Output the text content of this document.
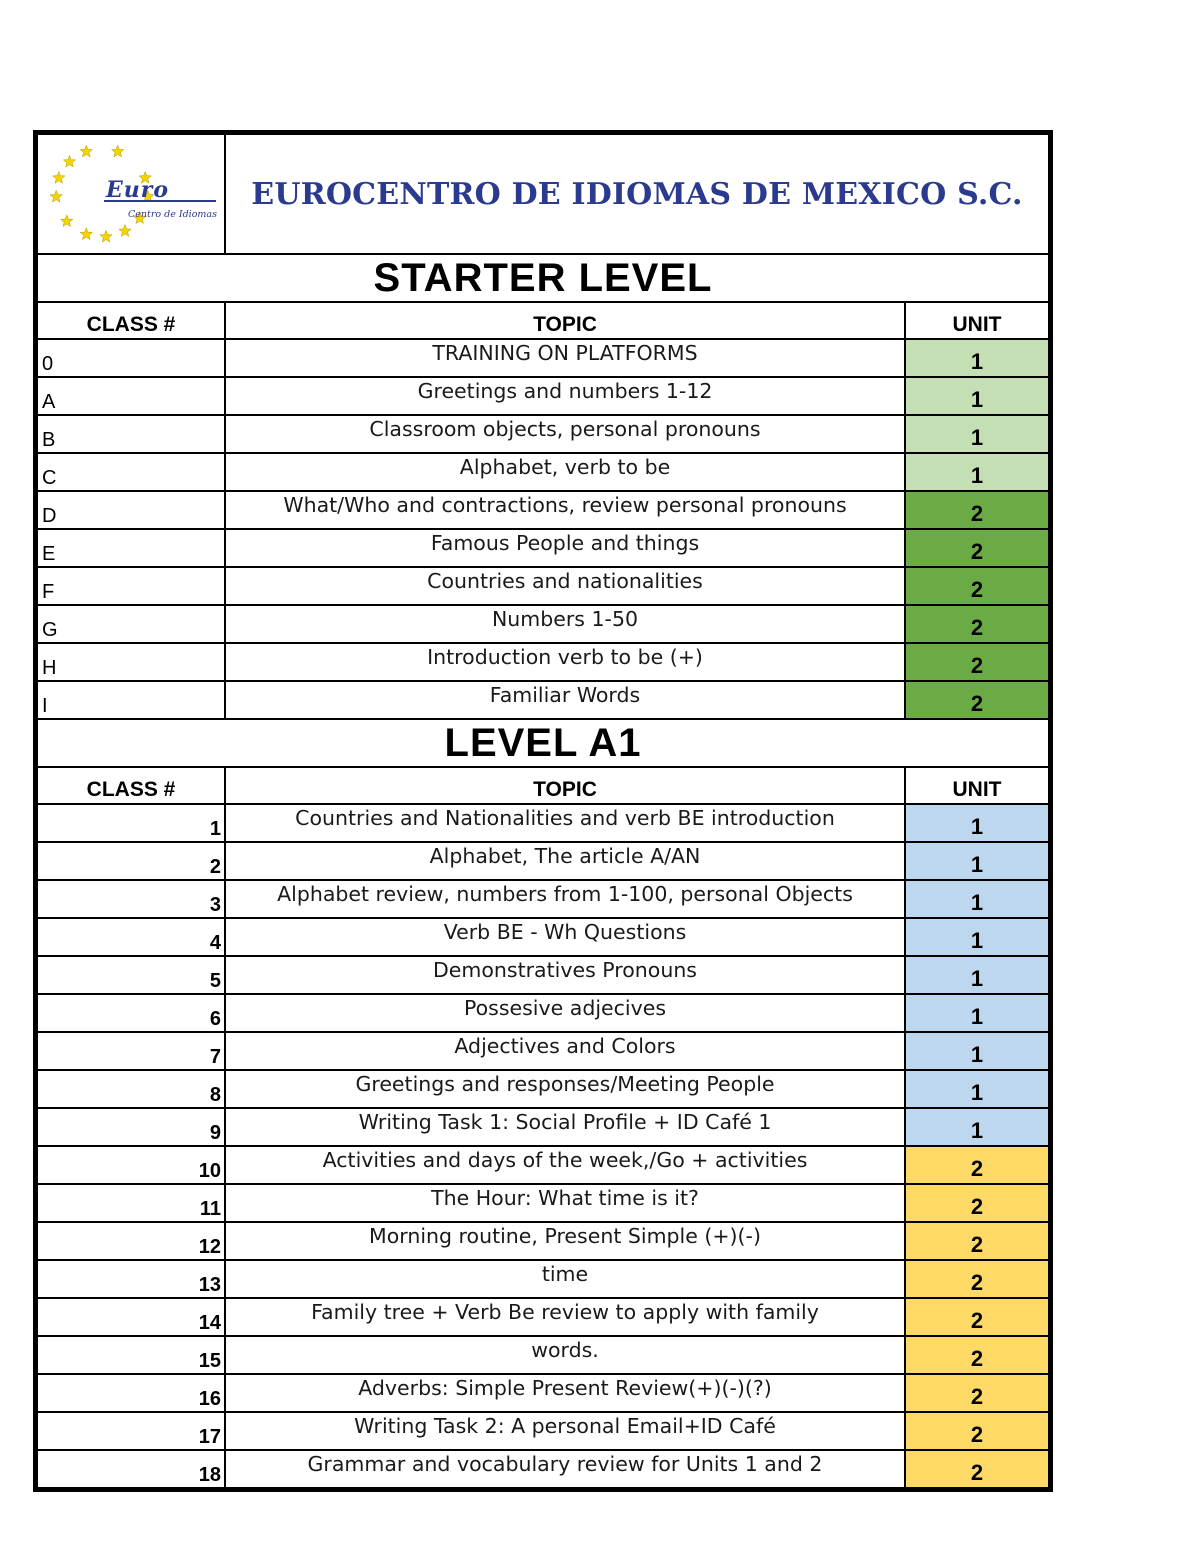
Euro
Centro de Idiomas	EUROCENTRO DE IDIOMAS DE MEXICO S.C.	
STARTER LEVEL		
CLASS #	TOPIC	UNIT
0	TRAINING ON PLATFORMS	1
A	Greetings and numbers 1-12	1
B	Classroom objects, personal pronouns	1
C	Alphabet, verb to be	1
D	What/Who and contractions, review personal pronouns	2
E	Famous People and things	2
F	Countries and nationalities	2
G	Numbers 1-50	2
H	Introduction verb to be (+)	2
I	Familiar Words	2
LEVEL A1		
CLASS #	TOPIC	UNIT
1	Countries and Nationalities and verb BE introduction	1
2	Alphabet, The article A/AN	1
3	Alphabet review, numbers from 1-100, personal Objects	1
4	Verb BE - Wh Questions	1
5	Demonstratives Pronouns	1
6	Possesive adjecives	1
7	Adjectives and Colors	1
8	Greetings and responses/Meeting People	1
9	Writing Task 1: Social Profile + ID Café 1	1
10	Activities and days of the week,/Go + activities	2
11	The Hour: What time is it?	2
12	Morning routine, Present Simple (+)(-)	2
13	time	2
14	Family tree + Verb Be review to apply with family	2
15	words.	2
16	Adverbs: Simple Present Review(+)(-)(?)	2
17	Writing Task 2: A personal Email+ID Café	2
18	Grammar and vocabulary review for Units 1 and 2	2
